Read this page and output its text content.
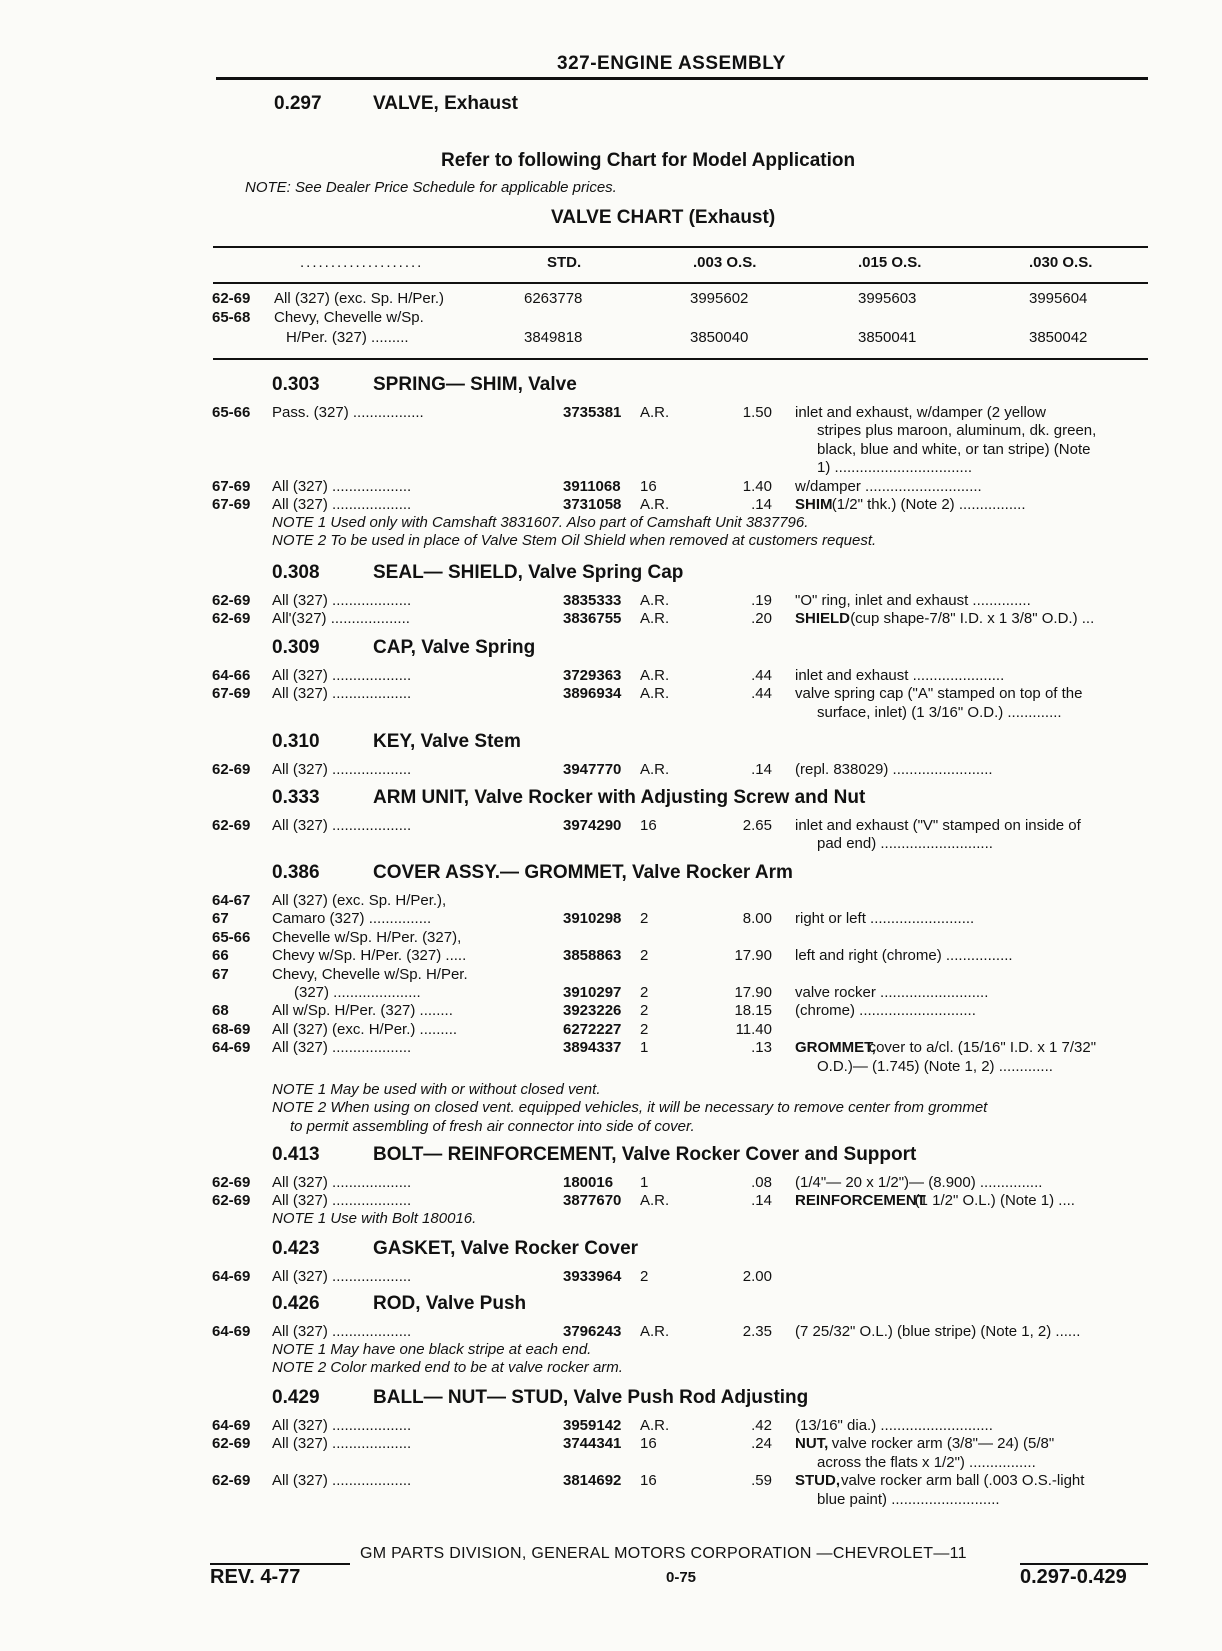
327-ENGINE ASSEMBLY
0.297	VALVE, Exhaust
Refer to following Chart for Model Application
NOTE: See Dealer Price Schedule for applicable prices.
VALVE CHART (Exhaust)
....................	STD.	.003 O.S.	.015 O.S.	.030 O.S.
62-69 All (327) (exc. Sp. H/Per.)	6263778	3995602	3995603	3995604
65-68 Chevy, Chevelle w/Sp.
H/Per. (327) .........	3849818	3850040	3850041	3850042
0.303	SPRING— SHIM, Valve
0.308	SEAL— SHIELD, Valve Spring Cap
0.309	CAP, Valve Spring
0.310	KEY, Valve Stem
0.333	ARM UNIT, Valve Rocker with Adjusting Screw and Nut
0.386	COVER ASSY.— GROMMET, Valve Rocker Arm
0.413	BOLT— REINFORCEMENT, Valve Rocker Cover and Support
0.423	GASKET, Valve Rocker Cover
0.426	ROD, Valve Push
0.429	BALL— NUT— STUD, Valve Push Rod Adjusting
65-66 Pass. (327) .................	3735381 A.R.	1.50 inlet and exhaust, w/damper (2 yellow
stripes plus maroon, aluminum, dk. green,
black, blue and white, or tan stripe) (Note
1) .................................
67-69 All (327) ...................	3911068 16	1.40 w/damper ............................
67-69 All (327) ...................	3731058 A.R.	.14 SHIM (1/2" thk.) (Note 2) ................
NOTE 1 Used only with Camshaft 3831607. Also part of Camshaft Unit 3837796.
NOTE 2 To be used in place of Valve Stem Oil Shield when removed at customers request.
62-69 All (327) ...................	3835333 A.R.	.19 "O" ring, inlet and exhaust ..............
62-69 All'(327) ...................	3836755 A.R.	.20 SHIELD (cup shape-7/8" I.D. x 1 3/8" O.D.) ...
64-66 All (327) ...................	3729363 A.R.	.44 inlet and exhaust ......................
67-69 All (327) ...................	3896934 A.R.	.44 valve spring cap ("A" stamped on top of the
surface, inlet) (1 3/16" O.D.) .............
62-69 All (327) ...................	3947770 A.R.	.14 (repl. 838029) ........................
62-69 All (327) ...................	3974290 16	2.65 inlet and exhaust ("V" stamped on inside of
pad end) ...........................
64-67 All (327) (exc. Sp. H/Per.),
67	Camaro (327) ...............	3910298 2	8.00 right or left .........................
65-66 Chevelle w/Sp. H/Per. (327),
66	Chevy w/Sp. H/Per. (327) .....	3858863 2	17.90 left and right (chrome) ................
67	Chevy, Chevelle w/Sp. H/Per.
(327) .....................	3910297 2	17.90 valve rocker ..........................
68	All w/Sp. H/Per. (327) ........	3923226 2	18.15 (chrome) ............................
68-69 All (327) (exc. H/Per.) .........	6272227 2	11.40
64-69 All (327) ...................	3894337 1	.13 GROMMET,
cover to a/cl. (15/16" I.D. x 1 7/32"
O.D.)— (1.745) (Note 1, 2) .............
NOTE 1 May be used with or without closed vent.
NOTE 2 When using on closed vent. equipped vehicles, it will be necessary to remove center from grommet
to permit assembling of fresh air connector into side of cover.
62-69 All (327) ...................	180016 1	.08 (1/4"— 20 x 1/2")— (8.900) ...............
62-69 All (327) ...................	3877670 A.R.	.14 REINFORCEMENT
(1 1/2" O.L.) (Note 1) ....
NOTE 1 Use with Bolt 180016.
64-69 All (327) ...................	3933964 2	2.00
64-69 All (327) ...................	3796243 A.R.	2.35 (7 25/32" O.L.) (blue stripe) (Note 1, 2) ......
NOTE 1 May have one black stripe at each end.
NOTE 2 Color marked end to be at valve rocker arm.
64-69 All (327) ...................	3959142 A.R.	.42 (13/16" dia.) ...........................
62-69 All (327) ...................	3744341 16	.24 NUT, valve rocker arm (3/8"— 24) (5/8"
across the flats x 1/2") ................
62-69 All (327) ...................	3814692 16	.59 STUD, valve rocker arm ball (.003 O.S.-light
blue paint) ..........................
GM PARTS DIVISION, GENERAL MOTORS CORPORATION —CHEVROLET—11
REV. 4-77	0-75	0.297-0.429
